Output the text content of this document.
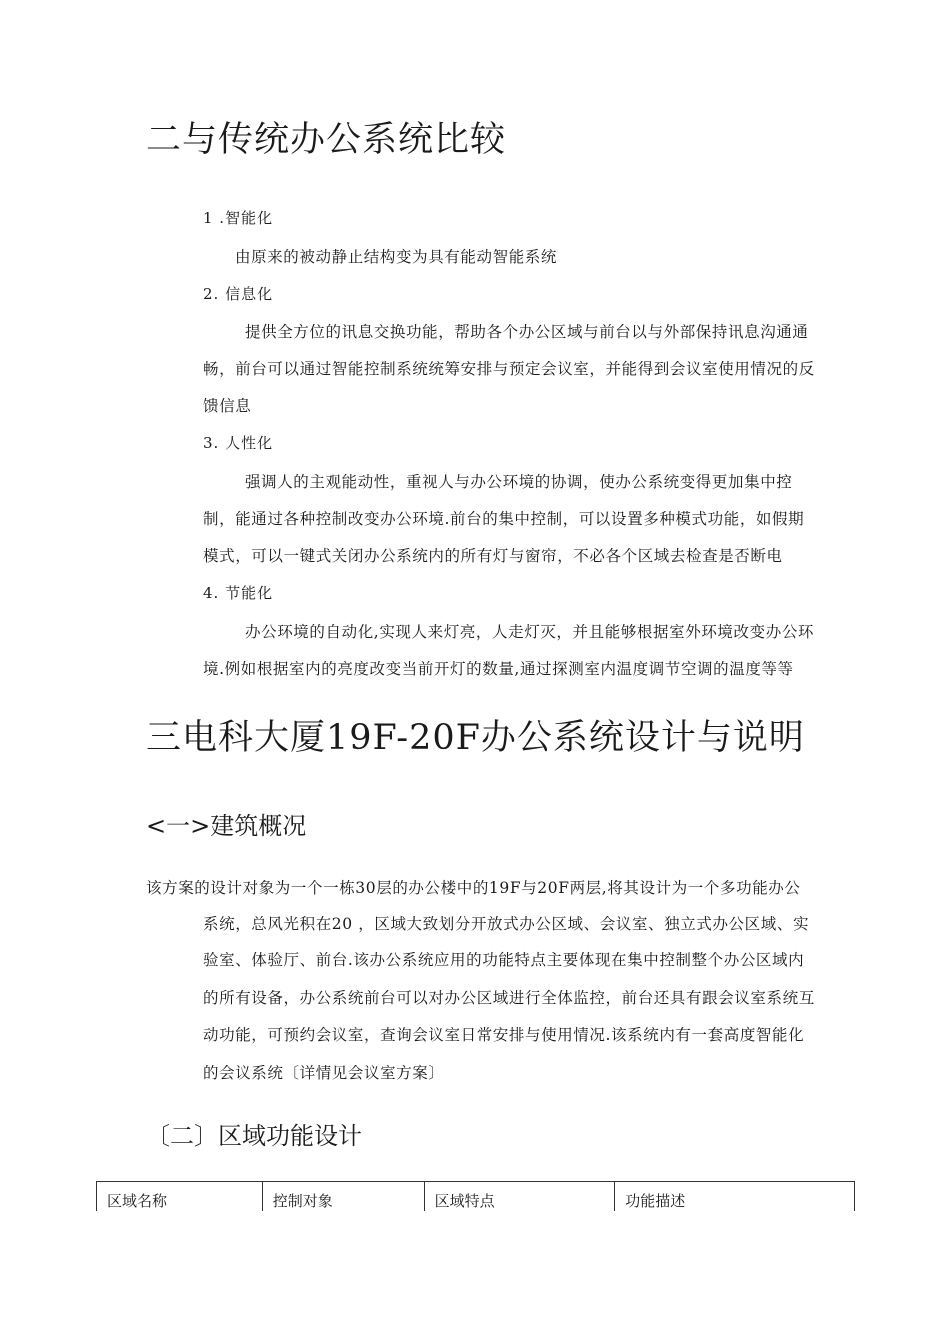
二与传统办公系统比较
1 .智能化
由原来的被动静止结构变为具有能动智能系统
2. 信息化
提供全方位的讯息交换功能，帮助各个办公区域与前台以与外部保持讯息沟通通
畅，前台可以通过智能控制系统统筹安排与预定会议室，并能得到会议室使用情况的反
馈信息
3. 人性化
强调人的主观能动性，重视人与办公环境的协调，使办公系统变得更加集中控
制，能通过各种控制改变办公环境.前台的集中控制，可以设置多种模式功能，如假期
模式，可以一键式关闭办公系统内的所有灯与窗帘，不必各个区域去检查是否断电
4. 节能化
办公环境的自动化,实现人来灯亮，人走灯灭，并且能够根据室外环境改变办公环
境.例如根据室内的亮度改变当前开灯的数量,通过探测室内温度调节空调的温度等等
三电科大厦19F-20F办公系统设计与说明
<一>建筑概况
该方案的设计对象为一个一栋30层的办公楼中的19F与20F两层,将其设计为一个多功能办公
系统，总风光积在20 ，区域大致划分开放式办公区域、会议室、独立式办公区域、实
验室、体验厅、前台.该办公系统应用的功能特点主要体现在集中控制整个办公区域内
的所有设备，办公系统前台可以对办公区域进行全体监控，前台还具有跟会议室系统互
动功能，可预约会议室，查询会议室日常安排与使用情况.该系统内有一套高度智能化
的会议系统〔详情见会议室方案〕
〔二〕区域功能设计
区域名称	控制对象	区域特点	功能描述
